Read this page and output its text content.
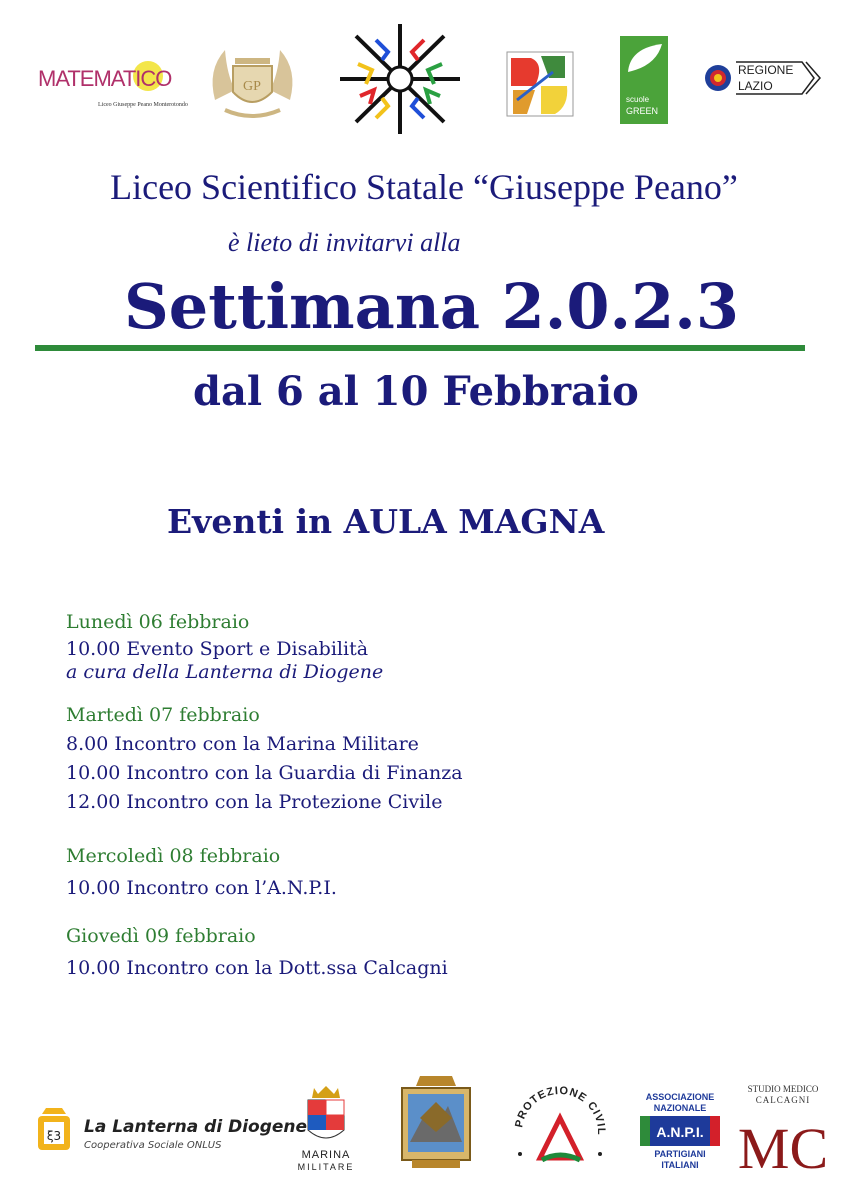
MATEMATICO
Liceo Giuseppe Peano Monterotondo
GP
scuole
GREEN
REGIONE
LAZIO
Liceo Scientifico Statale “Giuseppe Peano”
è lieto di invitarvi alla
Settimana 2.0.2.3
dal 6 al 10 Febbraio
Eventi in AULA MAGNA
Lunedì 06 febbraio
10.00 Evento Sport e Disabilità
a cura della Lanterna di Diogene
Martedì 07 febbraio
8.00 Incontro con la Marina Militare
10.00 Incontro con la Guardia di Finanza
12.00 Incontro con la Protezione Civile
Mercoledì 08 febbraio
10.00 Incontro con l’A.N.P.I.
Giovedì 09 febbraio
10.00 Incontro con la Dott.ssa Calcagni
ξ3 La Lanterna di Diogene
Cooperativa Sociale ONLUS
MARINA
MILITARE
PROTEZIONE CIVIL
ASSOCIAZIONE
NAZIONALE
A.N.P.I.
PARTIGIANI
ITALIANI
STUDIO MEDICO
CALCAGNI
MC
